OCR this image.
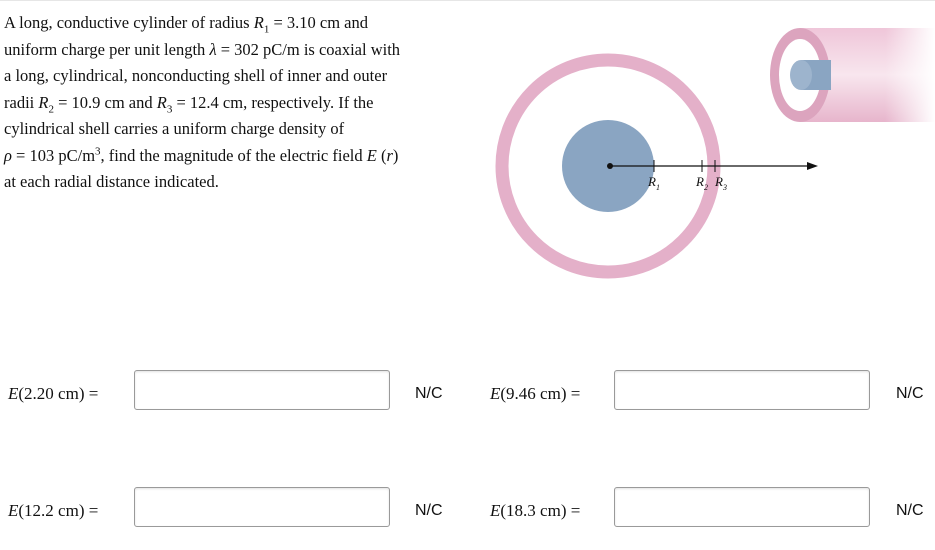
A long, conductive cylinder of radius $R_1 = 3.10$ cm and
uniform charge per unit length λ = 302 pC/m is coaxial with
a long, cylindrical, nonconducting shell of inner and outer
radii $R_2 = 10.9$ cm and $R_3 = 12.4$ cm, respectively. If the
cylindrical shell carries a uniform charge density of
ρ = 103 $pC/m^3$, find the magnitude of the electric field E (r)
at each radial distance indicated.	$R_1$	$R_2$ $R_3$
E(2.20 cm) =	N/C	E(9.46 cm) =	N/C
E(12.2 cm) =	N/C	E(18.3 cm) =	N/C
